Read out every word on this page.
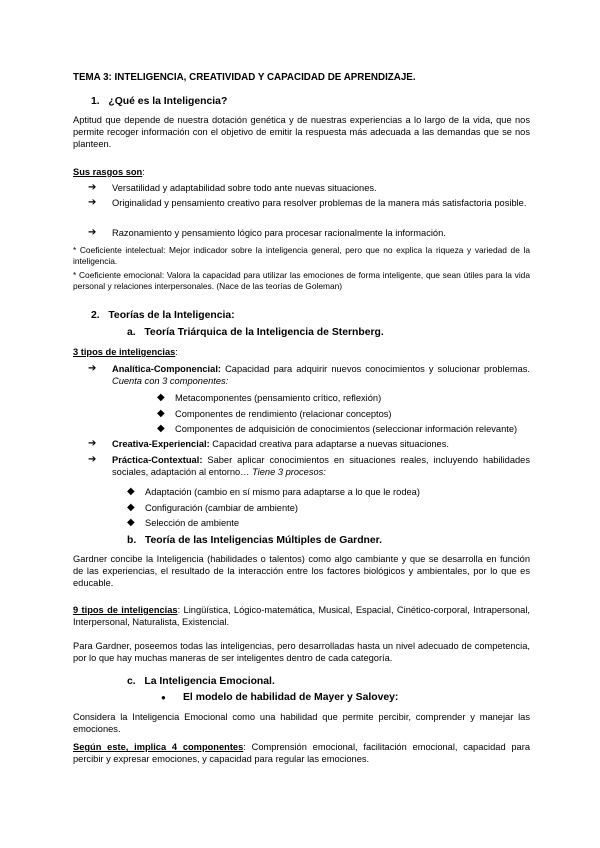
TEMA 3: INTELIGENCIA, CREATIVIDAD Y CAPACIDAD DE APRENDIZAJE.

1. ¿Qué es la Inteligencia?

Aptitud que depende de nuestra dotación genética y de nuestras experiencias a lo largo de la vida, que nos permite recoger información con el objetivo de emitir la respuesta más adecuada a las demandas que se nos planteen.

Sus rasgos son:

➔	Versatilidad y adaptabilidad sobre todo ante nuevas situaciones.
➔	Originalidad y pensamiento creativo para resolver problemas de la manera más satisfactoria posible.
➔	Razonamiento y pensamiento lógico para procesar racionalmente la información.

* Coeficiente intelectual: Mejor indicador sobre la inteligencia general, pero que no explica la riqueza y variedad de la inteligencia.

* Coeficiente emocional: Valora la capacidad para utilizar las emociones de forma inteligente, que sean útiles para la vida personal y relaciones interpersonales. (Nace de las teorías de Goleman)

2. Teorías de la Inteligencia:

a. Teoría Triárquica de la Inteligencia de Sternberg.

3 tipos de inteligencias:

➔	Analítica-Componencial: Capacidad para adquirir nuevos conocimientos y solucionar problemas. Cuenta con 3 componentes:
◆	Metacomponentes (pensamiento crítico, reflexión)
◆	Componentes de rendimiento (relacionar conceptos)
◆	Componentes de adquisición de conocimientos (seleccionar información relevante)
➔	Creativa-Experiencial: Capacidad creativa para adaptarse a nuevas situaciones.
➔	Práctica-Contextual: Saber aplicar conocimientos en situaciones reales, incluyendo habilidades sociales, adaptación al entorno… Tiene 3 procesos:
◆	Adaptación (cambio en sí mismo para adaptarse a lo que le rodea)
◆	Configuración (cambiar de ambiente)
◆	Selección de ambiente

b. Teoría de las Inteligencias Múltiples de Gardner.

Gardner concibe la Inteligencia (habilidades o talentos) como algo cambiante y que se desarrolla en función de las experiencias, el resultado de la interacción entre los factores biológicos y ambientales, por lo que es educable.

9 tipos de inteligencias: Lingüística, Lógico-matemática, Musical, Espacial, Cinético-corporal, Intrapersonal, Interpersonal, Naturalista, Existencial.

Para Gardner, poseemos todas las inteligencias, pero desarrolladas hasta un nivel adecuado de competencia, por lo que hay muchas maneras de ser inteligentes dentro de cada categoría.

c. La Inteligencia Emocional.

●	El modelo de habilidad de Mayer y Salovey:

Considera la Inteligencia Emocional como una habilidad que permite percibir, comprender y manejar las emociones.

Según este, implica 4 componentes: Comprensión emocional, facilitación emocional, capacidad para percibir y expresar emociones, y capacidad para regular las emociones.
